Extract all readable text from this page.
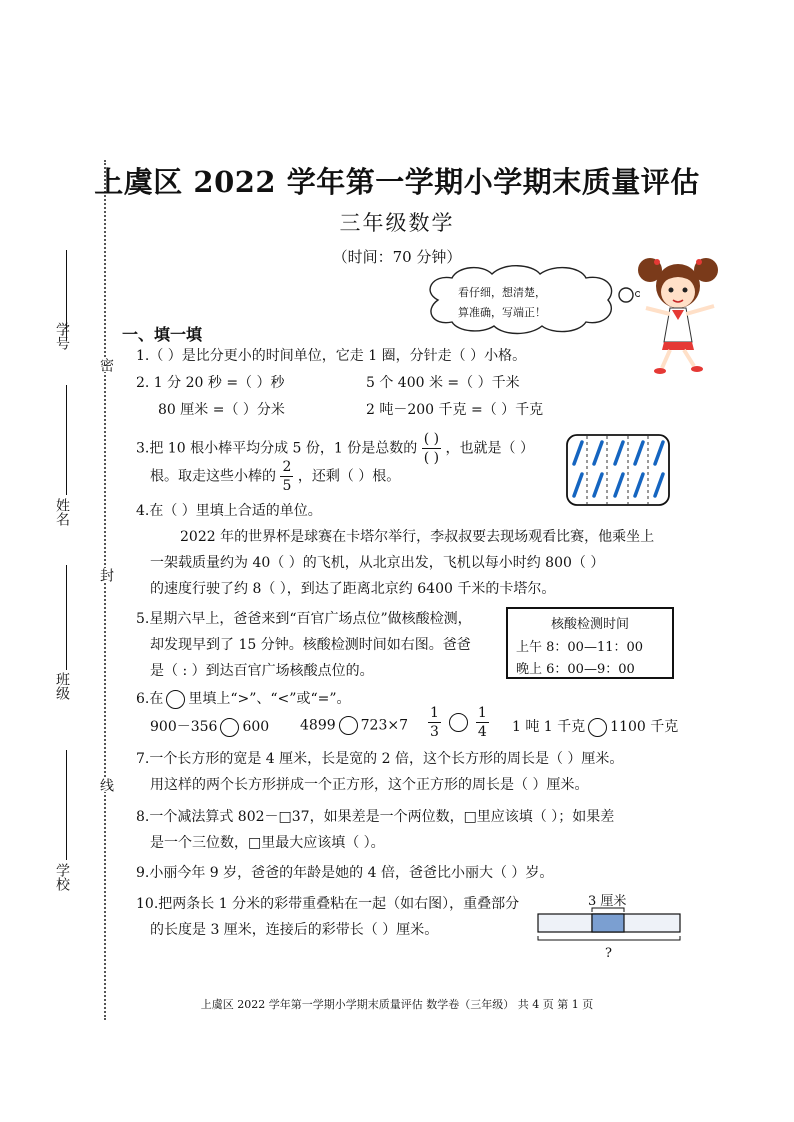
学号
姓名
班级
学校
密
封
线
上虞区 2022 学年第一学期小学期末质量评估
三年级数学
（时间：70 分钟）
看仔细，想清楚，
算准确，写端正！
一、填一填
1.（ ）是比分更小的时间单位，它走 1 圈，分针走（ ）小格。
2. 1 分 20 秒 =（ ）秒	5 个 400 米 =（ ）千米
80 厘米 =（ ）分米	2 吨－200 千克 =（ ）千克
3.把 10 根小棒平均分成 5 份，1 份是总数的 $\frac{( )}{( )}$ ，也就是（ ）
根。取走这些小棒的 $\frac{2}{5}$ ，还剩（ ）根。
4.在（ ）里填上合适的单位。
2022 年的世界杯是球赛在卡塔尔举行，李叔叔要去现场观看比赛，他乘坐上
一架载质量约为 40（ ）的飞机，从北京出发，飞机以每小时约 800（ ）
的速度行驶了约 8（ ），到达了距离北京约 6400 千米的卡塔尔。
5.星期六早上，爸爸来到“百官广场点位”做核酸检测，
却发现早到了 15 分钟。核酸检测时间如右图。爸爸
是（ : ）到达百官广场核酸点位的。
核酸检测时间
上午 8：00—11：00
晚上 6：00—9：00
6.在 里填上“>”、“<”或“=”。
900－356 600 4899 $723\times 7 \frac{1}{3}$	$\frac{1}{4} 1$ 吨 1 千克 1100 千克
7.一个长方形的宽是 4 厘米，长是宽的 2 倍，这个长方形的周长是（ ）厘米。
用这样的两个长方形拼成一个正方形，这个正方形的周长是（ ）厘米。
8.一个减法算式 802－□37，如果差是一个两位数，□里应该填（ ）；如果差
是一个三位数，□里最大应该填（ ）。
9.小丽今年 9 岁，爸爸的年龄是她的 4 倍，爸爸比小丽大（ ）岁。
10.把两条长 1 分米的彩带重叠粘在一起（如右图），重叠部分
的长度是 3 厘米，连接后的彩带长（ ）厘米。
3 厘米
?
上虞区 2022 学年第一学期小学期末质量评估 数学卷（三年级） 共 4 页 第 1 页
